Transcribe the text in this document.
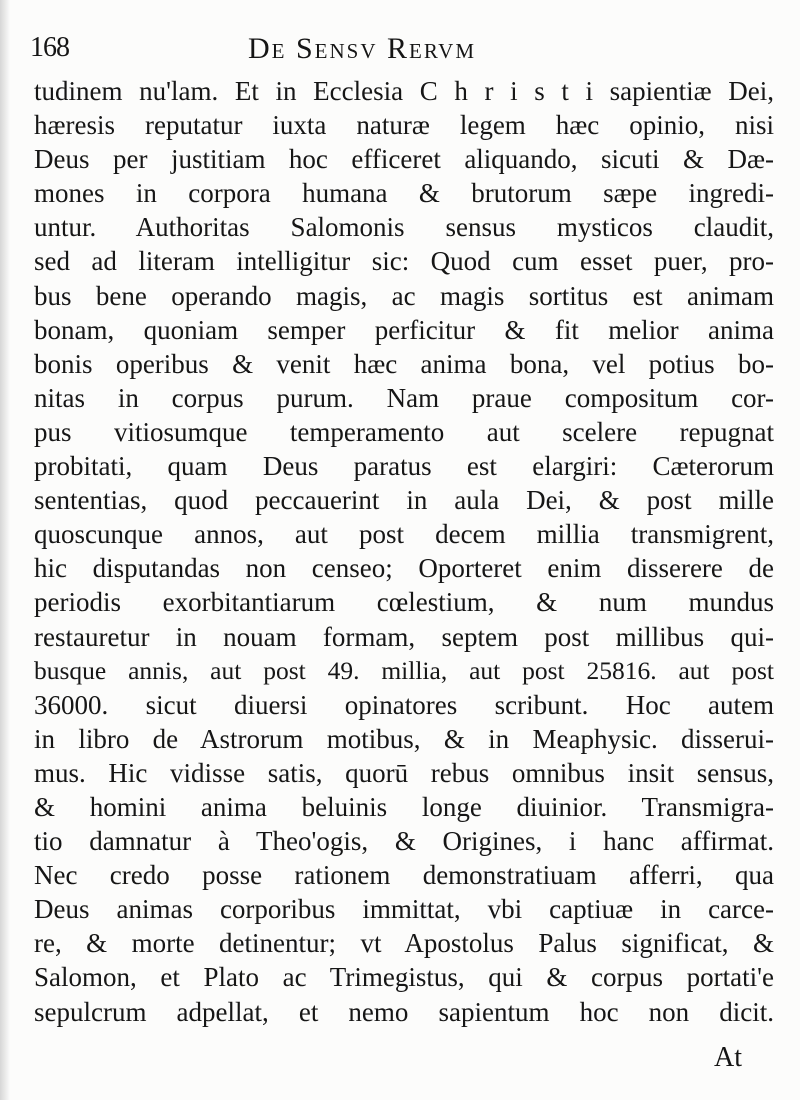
168	De Sensv Rervm
tudinem nu'lam. Et in Ecclesia C h r i s t i sapientiæ Dei,
hæresis reputatur iuxta naturæ legem hæc opinio, nisi
Deus per justitiam hoc efficeret aliquando, sicuti & Dæ-
mones in corpora humana & brutorum sæpe ingredi-
untur. Authoritas Salomonis sensus mysticos claudit,
sed ad literam intelligitur sic: Quod cum esset puer, pro-
bus bene operando magis, ac magis sortitus est animam
bonam, quoniam semper perficitur & fit melior anima
bonis operibus & venit hæc anima bona, vel potius bo-
nitas in corpus purum. Nam praue compositum cor-
pus vitiosumque temperamento aut scelere repugnat
probitati, quam Deus paratus est elargiri: Cæterorum
sententias, quod peccauerint in aula Dei, & post mille
quoscunque annos, aut post decem millia transmigrent,
hic disputandas non censeo; Oporteret enim disserere de
periodis exorbitantiarum cœlestium, & num mundus
restauretur in nouam formam, septem post millibus qui-
busque annis, aut post 49. millia, aut post 25816. aut post
36000. sicut diuersi opinatores scribunt. Hoc autem
in libro de Astrorum motibus, & in Meaphysic. disserui-
mus. Hic vidisse satis, quorū rebus omnibus insit sensus,
& homini anima beluinis longe diuinior. Transmigra-
tio damnatur à Theo'ogis, & Origines, i hanc affirmat.
Nec credo posse rationem demonstratiuam afferri, qua
Deus animas corporibus immittat, vbi captiuæ in carce-
re, & morte detinentur; vt Apostolus Palus significat, &
Salomon, et Plato ac Trimegistus, qui & corpus portati'e
sepulcrum adpellat, et nemo sapientum hoc non dicit.
At
